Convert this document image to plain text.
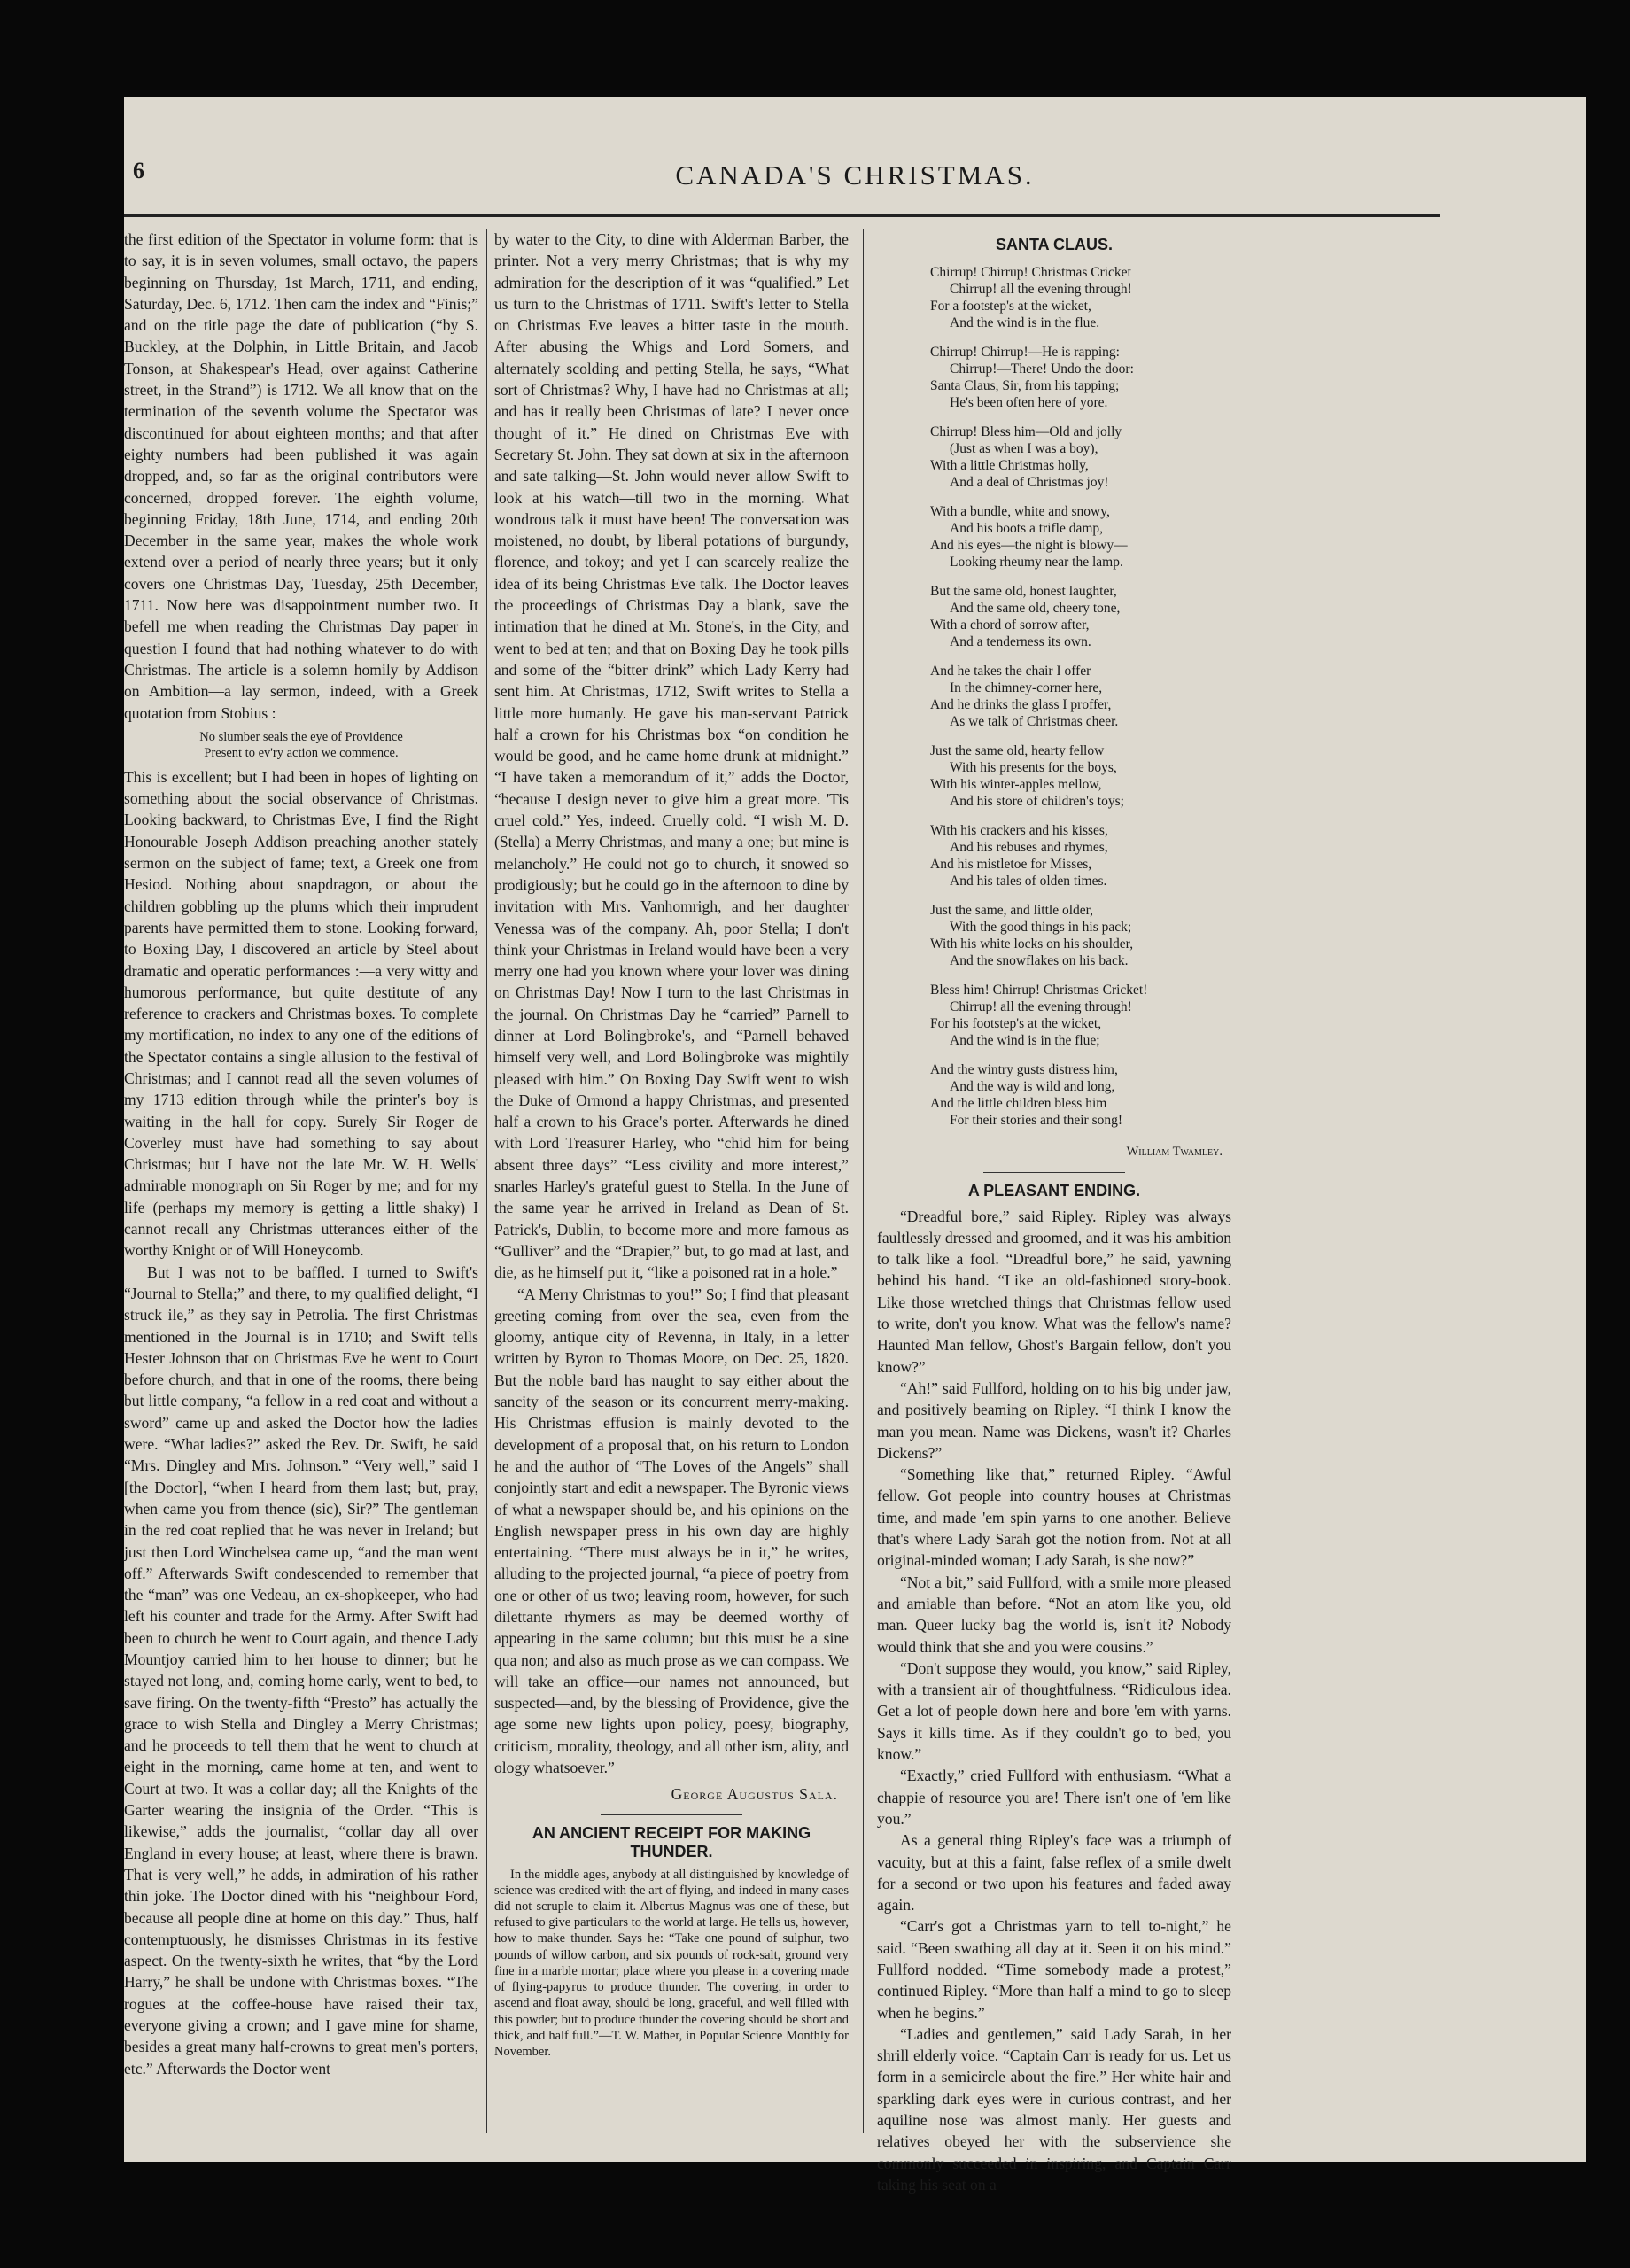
6	CANADA'S CHRISTMAS.

the first edition of the Spectator in volume form: that is to say, it is in seven volumes, small octavo, the papers beginning on Thursday, 1st March, 1711, and ending, Saturday, Dec. 6, 1712. Then cam the index and “Finis;” and on the title page the date of publication (“by S. Buckley, at the Dolphin, in Little Britain, and Jacob Tonson, at Shakespear's Head, over against Catherine street, in the Strand”) is 1712. We all know that on the termination of the seventh volume the Spectator was discontinued for about eighteen months; and that after eighty numbers had been published it was again dropped, and, so far as the original contributors were concerned, dropped forever. The eighth volume, beginning Friday, 18th June, 1714, and ending 20th December in the same year, makes the whole work extend over a period of nearly three years; but it only covers one Christmas Day, Tuesday, 25th December, 1711. Now here was disappointment number two. It befell me when reading the Christmas Day paper in question I found that had nothing whatever to do with Christmas. The article is a solemn homily by Addison on Ambition—a lay sermon, indeed, with a Greek quotation from Stobius :

No slumber seals the eye of Providence
Present to ev'ry action we commence.

This is excellent; but I had been in hopes of lighting on something about the social observance of Christmas. Looking backward, to Christmas Eve, I find the Right Honourable Joseph Addison preaching another stately sermon on the subject of fame; text, a Greek one from Hesiod. Nothing about snapdragon, or about the children gobbling up the plums which their imprudent parents have permitted them to stone. Looking forward, to Boxing Day, I discovered an article by Steel about dramatic and operatic performances :—a very witty and humorous performance, but quite destitute of any reference to crackers and Christmas boxes. To complete my mortification, no index to any one of the editions of the Spectator contains a single allusion to the festival of Christmas; and I cannot read all the seven volumes of my 1713 edition through while the printer's boy is waiting in the hall for copy. Surely Sir Roger de Coverley must have had something to say about Christmas; but I have not the late Mr. W. H. Wells' admirable monograph on Sir Roger by me; and for my life (perhaps my memory is getting a little shaky) I cannot recall any Christmas utterances either of the worthy Knight or of Will Honeycomb.

But I was not to be baffled. I turned to Swift's “Journal to Stella;” and there, to my qualified delight, “I struck ile,” as they say in Petrolia. The first Christmas mentioned in the Journal is in 1710; and Swift tells Hester Johnson that on Christmas Eve he went to Court before church, and that in one of the rooms, there being but little company, “a fellow in a red coat and without a sword” came up and asked the Doctor how the ladies were. “What ladies?” asked the Rev. Dr. Swift, he said “Mrs. Dingley and Mrs. Johnson.” “Very well,” said I [the Doctor], “when I heard from them last; but, pray, when came you from thence (sic), Sir?” The gentleman in the red coat replied that he was never in Ireland; but just then Lord Winchelsea came up, “and the man went off.” Afterwards Swift condescended to remember that the “man” was one Vedeau, an ex-shopkeeper, who had left his counter and trade for the Army. After Swift had been to church he went to Court again, and thence Lady Mountjoy carried him to her house to dinner; but he stayed not long, and, coming home early, went to bed, to save firing. On the twenty-fifth “Presto” has actually the grace to wish Stella and Dingley a Merry Christmas; and he proceeds to tell them that he went to church at eight in the morning, came home at ten, and went to Court at two. It was a collar day; all the Knights of the Garter wearing the insignia of the Order. “This is likewise,” adds the journalist, “collar day all over England in every house; at least, where there is brawn. That is very well,” he adds, in admiration of his rather thin joke. The Doctor dined with his “neighbour Ford, because all people dine at home on this day.” Thus, half contemptuously, he dismisses Christmas in its festive aspect. On the twenty-sixth he writes, that “by the Lord Harry,” he shall be undone with Christmas boxes. “The rogues at the coffee-house have raised their tax, everyone giving a crown; and I gave mine for shame, besides a great many half-crowns to great men's porters, etc.” Afterwards the Doctor went

by water to the City, to dine with Alderman Barber, the printer. Not a very merry Christmas; that is why my admiration for the description of it was “qualified.” Let us turn to the Christmas of 1711. Swift's letter to Stella on Christmas Eve leaves a bitter taste in the mouth. After abusing the Whigs and Lord Somers, and alternately scolding and petting Stella, he says, “What sort of Christmas? Why, I have had no Christmas at all; and has it really been Christmas of late? I never once thought of it.” He dined on Christmas Eve with Secretary St. John. They sat down at six in the afternoon and sate talking—St. John would never allow Swift to look at his watch—till two in the morning. What wondrous talk it must have been! The conversation was moistened, no doubt, by liberal potations of burgundy, florence, and tokoy; and yet I can scarcely realize the idea of its being Christmas Eve talk. The Doctor leaves the proceedings of Christmas Day a blank, save the intimation that he dined at Mr. Stone's, in the City, and went to bed at ten; and that on Boxing Day he took pills and some of the “bitter drink” which Lady Kerry had sent him. At Christmas, 1712, Swift writes to Stella a little more humanly. He gave his man-servant Patrick half a crown for his Christmas box “on condition he would be good, and he came home drunk at midnight.” “I have taken a memorandum of it,” adds the Doctor, “because I design never to give him a great more. 'Tis cruel cold.” Yes, indeed. Cruelly cold. “I wish M. D. (Stella) a Merry Christmas, and many a one; but mine is melancholy.” He could not go to church, it snowed so prodigiously; but he could go in the afternoon to dine by invitation with Mrs. Vanhomrigh, and her daughter Venessa was of the company. Ah, poor Stella; I don't think your Christmas in Ireland would have been a very merry one had you known where your lover was dining on Christmas Day! Now I turn to the last Christmas in the journal. On Christmas Day he “carried” Parnell to dinner at Lord Bolingbroke's, and “Parnell behaved himself very well, and Lord Bolingbroke was mightily pleased with him.” On Boxing Day Swift went to wish the Duke of Ormond a happy Christmas, and presented half a crown to his Grace's porter. Afterwards he dined with Lord Treasurer Harley, who “chid him for being absent three days” “Less civility and more interest,” snarles Harley's grateful guest to Stella. In the June of the same year he arrived in Ireland as Dean of St. Patrick's, Dublin, to become more and more famous as “Gulliver” and the “Drapier,” but, to go mad at last, and die, as he himself put it, “like a poisoned rat in a hole.”

“A Merry Christmas to you!” So; I find that pleasant greeting coming from over the sea, even from the gloomy, antique city of Revenna, in Italy, in a letter written by Byron to Thomas Moore, on Dec. 25, 1820. But the noble bard has naught to say either about the sancity of the season or its concurrent merry-making. His Christmas effusion is mainly devoted to the development of a proposal that, on his return to London he and the author of “The Loves of the Angels” shall conjointly start and edit a newspaper. The Byronic views of what a newspaper should be, and his opinions on the English newspaper press in his own day are highly entertaining. “There must always be in it,” he writes, alluding to the projected journal, “a piece of poetry from one or other of us two; leaving room, however, for such dilettante rhymers as may be deemed worthy of appearing in the same column; but this must be a sine qua non; and also as much prose as we can compass. We will take an office—our names not announced, but suspected—and, by the blessing of Providence, give the age some new lights upon policy, poesy, biography, criticism, morality, theology, and all other ism, ality, and ology whatsoever.”

George Augustus Sala.
AN ANCIENT RECEIPT FOR MAKING THUNDER.

In the middle ages, anybody at all distinguished by knowledge of science was credited with the art of flying, and indeed in many cases did not scruple to claim it. Albertus Magnus was one of these, but refused to give particulars to the world at large. He tells us, however, how to make thunder. Says he: “Take one pound of sulphur, two pounds of willow carbon, and six pounds of rock-salt, ground very fine in a marble mortar; place where you please in a covering made of flying-papyrus to produce thunder. The covering, in order to ascend and float away, should be long, graceful, and well filled with this powder; but to produce thunder the covering should be short and thick, and half full.”—T. W. Mather, in Popular Science Monthly for November.

SANTA CLAUS.
Chirrup! Chirrup! Christmas Cricket
Chirrup! all the evening through!
For a footstep's at the wicket,
And the wind is in the flue.
Chirrup! Chirrup!—He is rapping:
Chirrup!—There! Undo the door:
Santa Claus, Sir, from his tapping;
He's been often here of yore.
Chirrup! Bless him—Old and jolly
(Just as when I was a boy),
With a little Christmas holly,
And a deal of Christmas joy!
With a bundle, white and snowy,
And his boots a trifle damp,
And his eyes—the night is blowy—
Looking rheumy near the lamp.
But the same old, honest laughter,
And the same old, cheery tone,
With a chord of sorrow after,
And a tenderness its own.
And he takes the chair I offer
In the chimney-corner here,
And he drinks the glass I proffer,
As we talk of Christmas cheer.
Just the same old, hearty fellow
With his presents for the boys,
With his winter-apples mellow,
And his store of children's toys;
With his crackers and his kisses,
And his rebuses and rhymes,
And his mistletoe for Misses,
And his tales of olden times.
Just the same, and little older,
With the good things in his pack;
With his white locks on his shoulder,
And the snowflakes on his back.
Bless him! Chirrup! Christmas Cricket!
Chirrup! all the evening through!
For his footstep's at the wicket,
And the wind is in the flue;
And the wintry gusts distress him,
And the way is wild and long,
And the little children bless him
For their stories and their song!
William Twamley.
A PLEASANT ENDING.

“Dreadful bore,” said Ripley. Ripley was always faultlessly dressed and groomed, and it was his ambition to talk like a fool. “Dreadful bore,” he said, yawning behind his hand. “Like an old-fashioned story-book. Like those wretched things that Christmas fellow used to write, don't you know. What was the fellow's name? Haunted Man fellow, Ghost's Bargain fellow, don't you know?”

“Ah!” said Fullford, holding on to his big under jaw, and positively beaming on Ripley. “I think I know the man you mean. Name was Dickens, wasn't it? Charles Dickens?”

“Something like that,” returned Ripley. “Awful fellow. Got people into country houses at Christmas time, and made 'em spin yarns to one another. Believe that's where Lady Sarah got the notion from. Not at all original-minded woman; Lady Sarah, is she now?”

“Not a bit,” said Fullford, with a smile more pleased and amiable than before. “Not an atom like you, old man. Queer lucky bag the world is, isn't it? Nobody would think that she and you were cousins.”

“Don't suppose they would, you know,” said Ripley, with a transient air of thoughtfulness. “Ridiculous idea. Get a lot of people down here and bore 'em with yarns. Says it kills time. As if they couldn't go to bed, you know.”

“Exactly,” cried Fullford with enthusiasm. “What a chappie of resource you are! There isn't one of 'em like you.”

As a general thing Ripley's face was a triumph of vacuity, but at this a faint, false reflex of a smile dwelt for a second or two upon his features and faded away again.

“Carr's got a Christmas yarn to tell to-night,” he said. “Been swathing all day at it. Seen it on his mind.” Fullford nodded. “Time somebody made a protest,” continued Ripley. “More than half a mind to go to sleep when he begins.”

“Ladies and gentlemen,” said Lady Sarah, in her shrill elderly voice. “Captain Carr is ready for us. Let us form in a semicircle about the fire.” Her white hair and sparkling dark eyes were in curious contrast, and her aquiline nose was almost manly. Her guests and relatives obeyed her with the subservience she commonly succeeded in inspiring, and Captain Carr taking his seat on a
